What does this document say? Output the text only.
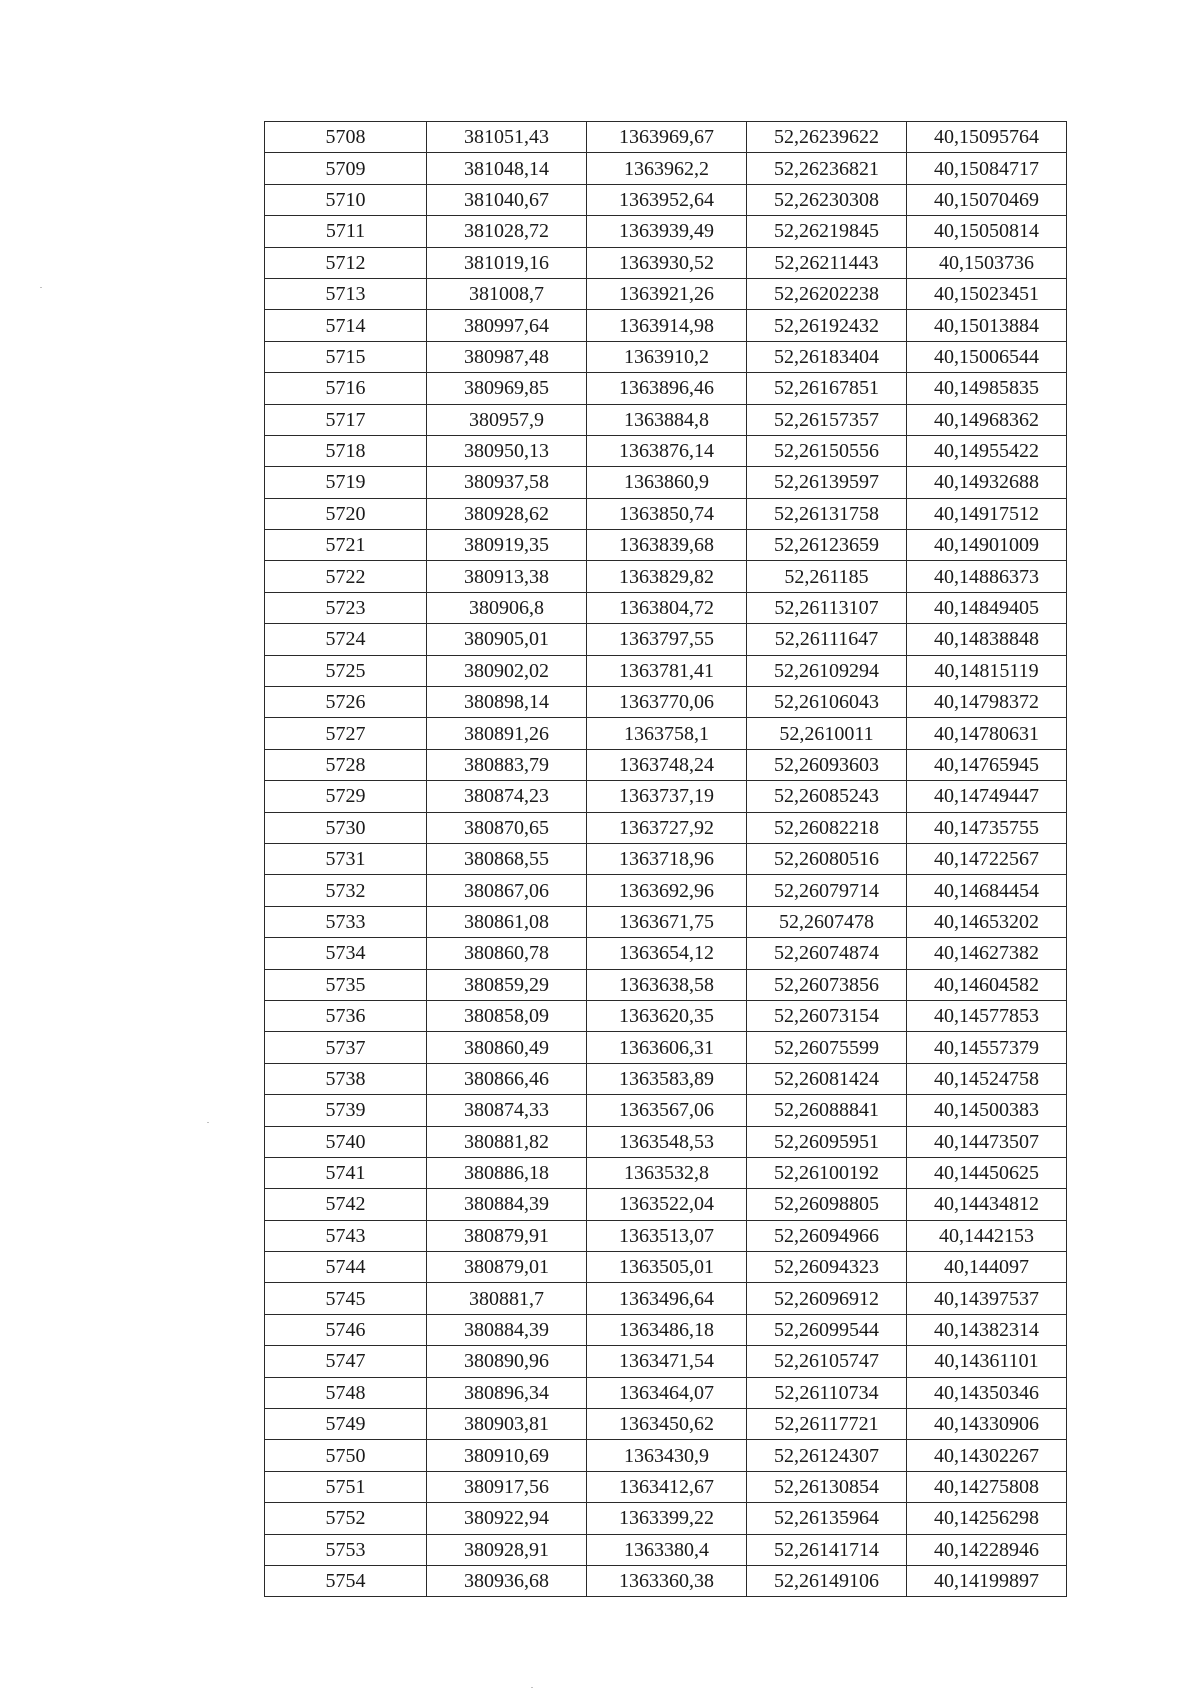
5708	381051,43	1363969,67	52,26239622	40,15095764
5709	381048,14	1363962,2	52,26236821	40,15084717
5710	381040,67	1363952,64	52,26230308	40,15070469
5711	381028,72	1363939,49	52,26219845	40,15050814
5712	381019,16	1363930,52	52,26211443	40,1503736
5713	381008,7	1363921,26	52,26202238	40,15023451
5714	380997,64	1363914,98	52,26192432	40,15013884
5715	380987,48	1363910,2	52,26183404	40,15006544
5716	380969,85	1363896,46	52,26167851	40,14985835
5717	380957,9	1363884,8	52,26157357	40,14968362
5718	380950,13	1363876,14	52,26150556	40,14955422
5719	380937,58	1363860,9	52,26139597	40,14932688
5720	380928,62	1363850,74	52,26131758	40,14917512
5721	380919,35	1363839,68	52,26123659	40,14901009
5722	380913,38	1363829,82	52,261185	40,14886373
5723	380906,8	1363804,72	52,26113107	40,14849405
5724	380905,01	1363797,55	52,26111647	40,14838848
5725	380902,02	1363781,41	52,26109294	40,14815119
5726	380898,14	1363770,06	52,26106043	40,14798372
5727	380891,26	1363758,1	52,2610011	40,14780631
5728	380883,79	1363748,24	52,26093603	40,14765945
5729	380874,23	1363737,19	52,26085243	40,14749447
5730	380870,65	1363727,92	52,26082218	40,14735755
5731	380868,55	1363718,96	52,26080516	40,14722567
5732	380867,06	1363692,96	52,26079714	40,14684454
5733	380861,08	1363671,75	52,2607478	40,14653202
5734	380860,78	1363654,12	52,26074874	40,14627382
5735	380859,29	1363638,58	52,26073856	40,14604582
5736	380858,09	1363620,35	52,26073154	40,14577853
5737	380860,49	1363606,31	52,26075599	40,14557379
5738	380866,46	1363583,89	52,26081424	40,14524758
5739	380874,33	1363567,06	52,26088841	40,14500383
5740	380881,82	1363548,53	52,26095951	40,14473507
5741	380886,18	1363532,8	52,26100192	40,14450625
5742	380884,39	1363522,04	52,26098805	40,14434812
5743	380879,91	1363513,07	52,26094966	40,1442153
5744	380879,01	1363505,01	52,26094323	40,144097
5745	380881,7	1363496,64	52,26096912	40,14397537
5746	380884,39	1363486,18	52,26099544	40,14382314
5747	380890,96	1363471,54	52,26105747	40,14361101
5748	380896,34	1363464,07	52,26110734	40,14350346
5749	380903,81	1363450,62	52,26117721	40,14330906
5750	380910,69	1363430,9	52,26124307	40,14302267
5751	380917,56	1363412,67	52,26130854	40,14275808
5752	380922,94	1363399,22	52,26135964	40,14256298
5753	380928,91	1363380,4	52,26141714	40,14228946
5754	380936,68	1363360,38	52,26149106	40,14199897
